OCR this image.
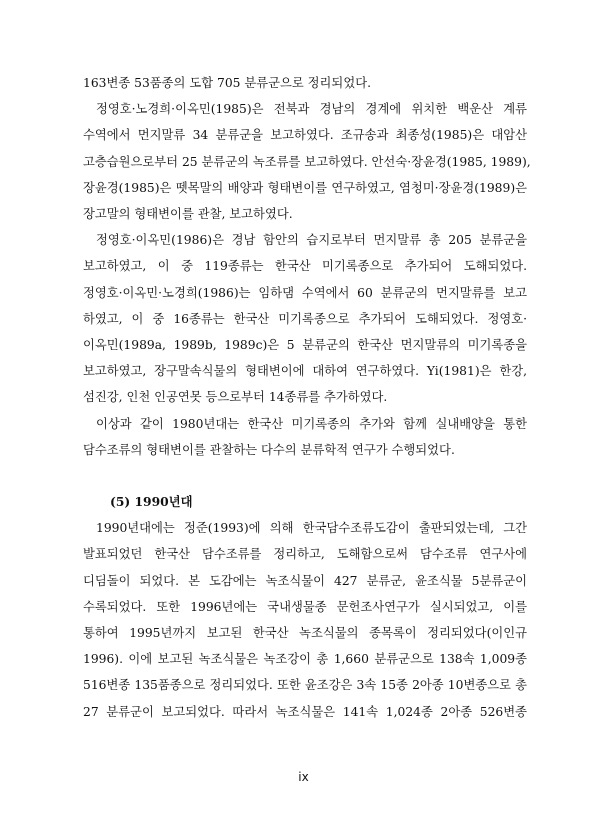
163변종 53품종의 도합 705 분류군으로 정리되었다.
정영호·노경희·이옥민(1985)은 전북과 경남의 경계에 위치한 백운산 계류
수역에서 먼지말류 34 분류군을 보고하였다. 조규송과 최종성(1985)은 대암산
고층습원으로부터 25 분류군의 녹조류를 보고하였다. 안선숙·장윤경(1985, 1989),
장윤경(1985)은 뗏목말의 배양과 형태변이를 연구하였고, 염청미·장윤경(1989)은
장고말의 형태변이를 관찰, 보고하였다.
정영호·이옥민(1986)은 경남 함안의 습지로부터 먼지말류 총 205 분류군을
보고하였고, 이 중 119종류는 한국산 미기록종으로 추가되어 도해되었다.
정영호·이옥민·노경희(1986)는 임하댐 수역에서 60 분류군의 먼지말류를 보고
하였고, 이 중 16종류는 한국산 미기록종으로 추가되어 도해되었다. 정영호·
이옥민(1989a, 1989b, 1989c)은 5 분류군의 한국산 먼지말류의 미기록종을
보고하였고, 장구말속식물의 형태변이에 대하여 연구하였다. Yi(1981)은 한강,
섬진강, 인천 인공연못 등으로부터 14종류를 추가하였다.
이상과 같이 1980년대는 한국산 미기록종의 추가와 함께 실내배양을 통한
담수조류의 형태변이를 관찰하는 다수의 분류학적 연구가 수행되었다.
(5) 1990년대
1990년대에는 정준(1993)에 의해 한국담수조류도감이 출판되었는데, 그간
발표되었던 한국산 담수조류를 정리하고, 도해함으로써 담수조류 연구사에
디딤돌이 되었다. 본 도감에는 녹조식물이 427 분류군, 윤조식물 5분류군이
수록되었다. 또한 1996년에는 국내생물종 문헌조사연구가 실시되었고, 이를
통하여 1995년까지 보고된 한국산 녹조식물의 종목록이 정리되었다(이인규
1996). 이에 보고된 녹조식물은 녹조강이 총 1,660 분류군으로 138속 1,009종
516변종 135품종으로 정리되었다. 또한 윤조강은 3속 15종 2아종 10변종으로 총
27 분류군이 보고되었다. 따라서 녹조식물은 141속 1,024종 2아종 526변종
ix
